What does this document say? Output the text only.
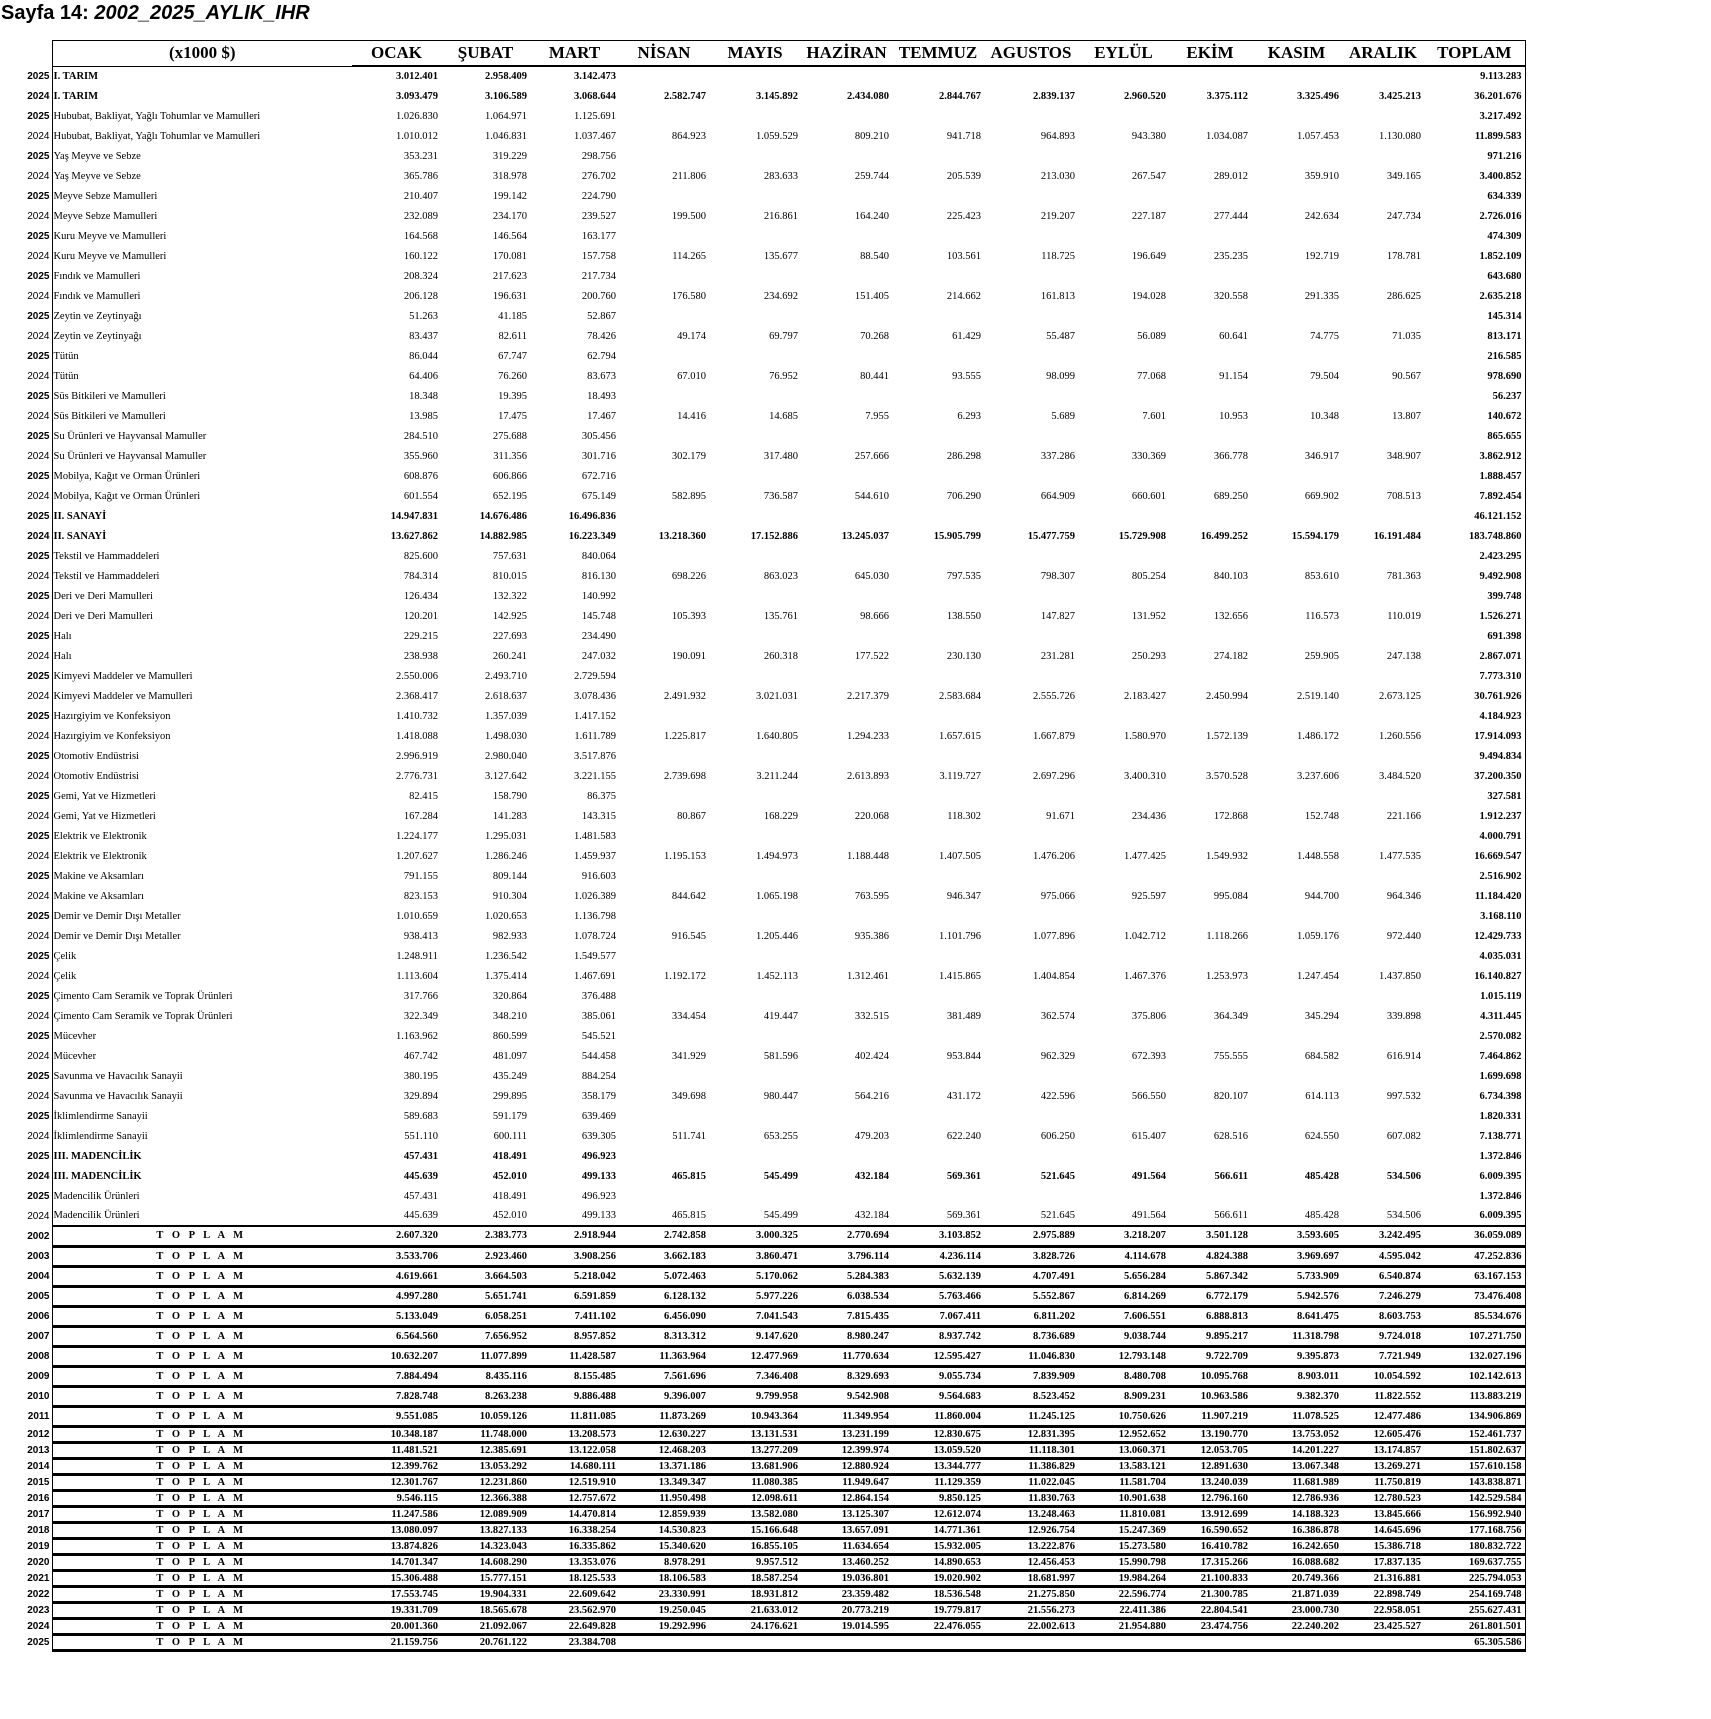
Sayfa 14: 2002_2025_AYLIK_IHR
	(x1000 $)	OCAK	ŞUBAT	MART	NİSAN	MAYIS	HAZİRAN	TEMMUZ	AGUSTOS	EYLÜL	EKİM	KASIM	ARALIK	TOPLAM
2025	I. TARIM	3.012.401	2.958.409	3.142.473										9.113.283
2024	I. TARIM	3.093.479	3.106.589	3.068.644	2.582.747	3.145.892	2.434.080	2.844.767	2.839.137	2.960.520	3.375.112	3.325.496	3.425.213	36.201.676
2025	Hububat, Bakliyat, Yağlı Tohumlar ve Mamulleri	1.026.830	1.064.971	1.125.691										3.217.492
2024	Hububat, Bakliyat, Yağlı Tohumlar ve Mamulleri	1.010.012	1.046.831	1.037.467	864.923	1.059.529	809.210	941.718	964.893	943.380	1.034.087	1.057.453	1.130.080	11.899.583
2025	Yaş Meyve ve Sebze	353.231	319.229	298.756										971.216
2024	Yaş Meyve ve Sebze	365.786	318.978	276.702	211.806	283.633	259.744	205.539	213.030	267.547	289.012	359.910	349.165	3.400.852
2025	Meyve Sebze Mamulleri	210.407	199.142	224.790										634.339
2024	Meyve Sebze Mamulleri	232.089	234.170	239.527	199.500	216.861	164.240	225.423	219.207	227.187	277.444	242.634	247.734	2.726.016
2025	Kuru Meyve ve Mamulleri	164.568	146.564	163.177										474.309
2024	Kuru Meyve ve Mamulleri	160.122	170.081	157.758	114.265	135.677	88.540	103.561	118.725	196.649	235.235	192.719	178.781	1.852.109
2025	Fındık ve Mamulleri	208.324	217.623	217.734										643.680
2024	Fındık ve Mamulleri	206.128	196.631	200.760	176.580	234.692	151.405	214.662	161.813	194.028	320.558	291.335	286.625	2.635.218
2025	Zeytin ve Zeytinyağı	51.263	41.185	52.867										145.314
2024	Zeytin ve Zeytinyağı	83.437	82.611	78.426	49.174	69.797	70.268	61.429	55.487	56.089	60.641	74.775	71.035	813.171
2025	Tütün	86.044	67.747	62.794										216.585
2024	Tütün	64.406	76.260	83.673	67.010	76.952	80.441	93.555	98.099	77.068	91.154	79.504	90.567	978.690
2025	Süs Bitkileri ve Mamulleri	18.348	19.395	18.493										56.237
2024	Süs Bitkileri ve Mamulleri	13.985	17.475	17.467	14.416	14.685	7.955	6.293	5.689	7.601	10.953	10.348	13.807	140.672
2025	Su Ürünleri ve Hayvansal Mamuller	284.510	275.688	305.456										865.655
2024	Su Ürünleri ve Hayvansal Mamuller	355.960	311.356	301.716	302.179	317.480	257.666	286.298	337.286	330.369	366.778	346.917	348.907	3.862.912
2025	Mobilya, Kağıt ve Orman Ürünleri	608.876	606.866	672.716										1.888.457
2024	Mobilya, Kağıt ve Orman Ürünleri	601.554	652.195	675.149	582.895	736.587	544.610	706.290	664.909	660.601	689.250	669.902	708.513	7.892.454
2025	II. SANAYİ	14.947.831	14.676.486	16.496.836										46.121.152
2024	II. SANAYİ	13.627.862	14.882.985	16.223.349	13.218.360	17.152.886	13.245.037	15.905.799	15.477.759	15.729.908	16.499.252	15.594.179	16.191.484	183.748.860
2025	Tekstil ve Hammaddeleri	825.600	757.631	840.064										2.423.295
2024	Tekstil ve Hammaddeleri	784.314	810.015	816.130	698.226	863.023	645.030	797.535	798.307	805.254	840.103	853.610	781.363	9.492.908
2025	Deri ve Deri Mamulleri	126.434	132.322	140.992										399.748
2024	Deri ve Deri Mamulleri	120.201	142.925	145.748	105.393	135.761	98.666	138.550	147.827	131.952	132.656	116.573	110.019	1.526.271
2025	Halı	229.215	227.693	234.490										691.398
2024	Halı	238.938	260.241	247.032	190.091	260.318	177.522	230.130	231.281	250.293	274.182	259.905	247.138	2.867.071
2025	Kimyevi Maddeler ve Mamulleri	2.550.006	2.493.710	2.729.594										7.773.310
2024	Kimyevi Maddeler ve Mamulleri	2.368.417	2.618.637	3.078.436	2.491.932	3.021.031	2.217.379	2.583.684	2.555.726	2.183.427	2.450.994	2.519.140	2.673.125	30.761.926
2025	Hazırgiyim ve Konfeksiyon	1.410.732	1.357.039	1.417.152										4.184.923
2024	Hazırgiyim ve Konfeksiyon	1.418.088	1.498.030	1.611.789	1.225.817	1.640.805	1.294.233	1.657.615	1.667.879	1.580.970	1.572.139	1.486.172	1.260.556	17.914.093
2025	Otomotiv Endüstrisi	2.996.919	2.980.040	3.517.876										9.494.834
2024	Otomotiv Endüstrisi	2.776.731	3.127.642	3.221.155	2.739.698	3.211.244	2.613.893	3.119.727	2.697.296	3.400.310	3.570.528	3.237.606	3.484.520	37.200.350
2025	Gemi, Yat ve Hizmetleri	82.415	158.790	86.375										327.581
2024	Gemi, Yat ve Hizmetleri	167.284	141.283	143.315	80.867	168.229	220.068	118.302	91.671	234.436	172.868	152.748	221.166	1.912.237
2025	Elektrik ve Elektronik	1.224.177	1.295.031	1.481.583										4.000.791
2024	Elektrik ve Elektronik	1.207.627	1.286.246	1.459.937	1.195.153	1.494.973	1.188.448	1.407.505	1.476.206	1.477.425	1.549.932	1.448.558	1.477.535	16.669.547
2025	Makine ve Aksamları	791.155	809.144	916.603										2.516.902
2024	Makine ve Aksamları	823.153	910.304	1.026.389	844.642	1.065.198	763.595	946.347	975.066	925.597	995.084	944.700	964.346	11.184.420
2025	Demir ve Demir Dışı Metaller	1.010.659	1.020.653	1.136.798										3.168.110
2024	Demir ve Demir Dışı Metaller	938.413	982.933	1.078.724	916.545	1.205.446	935.386	1.101.796	1.077.896	1.042.712	1.118.266	1.059.176	972.440	12.429.733
2025	Çelik	1.248.911	1.236.542	1.549.577										4.035.031
2024	Çelik	1.113.604	1.375.414	1.467.691	1.192.172	1.452.113	1.312.461	1.415.865	1.404.854	1.467.376	1.253.973	1.247.454	1.437.850	16.140.827
2025	Çimento Cam Seramik ve Toprak Ürünleri	317.766	320.864	376.488										1.015.119
2024	Çimento Cam Seramik ve Toprak Ürünleri	322.349	348.210	385.061	334.454	419.447	332.515	381.489	362.574	375.806	364.349	345.294	339.898	4.311.445
2025	Mücevher	1.163.962	860.599	545.521										2.570.082
2024	Mücevher	467.742	481.097	544.458	341.929	581.596	402.424	953.844	962.329	672.393	755.555	684.582	616.914	7.464.862
2025	Savunma ve Havacılık Sanayii	380.195	435.249	884.254										1.699.698
2024	Savunma ve Havacılık Sanayii	329.894	299.895	358.179	349.698	980.447	564.216	431.172	422.596	566.550	820.107	614.113	997.532	6.734.398
2025	İklimlendirme Sanayii	589.683	591.179	639.469										1.820.331
2024	İklimlendirme Sanayii	551.110	600.111	639.305	511.741	653.255	479.203	622.240	606.250	615.407	628.516	624.550	607.082	7.138.771
2025	III. MADENCİLİK	457.431	418.491	496.923										1.372.846
2024	III. MADENCİLİK	445.639	452.010	499.133	465.815	545.499	432.184	569.361	521.645	491.564	566.611	485.428	534.506	6.009.395
2025	Madencilik Ürünleri	457.431	418.491	496.923										1.372.846
2024	Madencilik Ürünleri	445.639	452.010	499.133	465.815	545.499	432.184	569.361	521.645	491.564	566.611	485.428	534.506	6.009.395
2002	T O P L A M	2.607.320	2.383.773	2.918.944	2.742.858	3.000.325	2.770.694	3.103.852	2.975.889	3.218.207	3.501.128	3.593.605	3.242.495	36.059.089
2003	T O P L A M	3.533.706	2.923.460	3.908.256	3.662.183	3.860.471	3.796.114	4.236.114	3.828.726	4.114.678	4.824.388	3.969.697	4.595.042	47.252.836
2004	T O P L A M	4.619.661	3.664.503	5.218.042	5.072.463	5.170.062	5.284.383	5.632.139	4.707.491	5.656.284	5.867.342	5.733.909	6.540.874	63.167.153
2005	T O P L A M	4.997.280	5.651.741	6.591.859	6.128.132	5.977.226	6.038.534	5.763.466	5.552.867	6.814.269	6.772.179	5.942.576	7.246.279	73.476.408
2006	T O P L A M	5.133.049	6.058.251	7.411.102	6.456.090	7.041.543	7.815.435	7.067.411	6.811.202	7.606.551	6.888.813	8.641.475	8.603.753	85.534.676
2007	T O P L A M	6.564.560	7.656.952	8.957.852	8.313.312	9.147.620	8.980.247	8.937.742	8.736.689	9.038.744	9.895.217	11.318.798	9.724.018	107.271.750
2008	T O P L A M	10.632.207	11.077.899	11.428.587	11.363.964	12.477.969	11.770.634	12.595.427	11.046.830	12.793.148	9.722.709	9.395.873	7.721.949	132.027.196
2009	T O P L A M	7.884.494	8.435.116	8.155.485	7.561.696	7.346.408	8.329.693	9.055.734	7.839.909	8.480.708	10.095.768	8.903.011	10.054.592	102.142.613
2010	T O P L A M	7.828.748	8.263.238	9.886.488	9.396.007	9.799.958	9.542.908	9.564.683	8.523.452	8.909.231	10.963.586	9.382.370	11.822.552	113.883.219
2011	T O P L A M	9.551.085	10.059.126	11.811.085	11.873.269	10.943.364	11.349.954	11.860.004	11.245.125	10.750.626	11.907.219	11.078.525	12.477.486	134.906.869
2012	T O P L A M	10.348.187	11.748.000	13.208.573	12.630.227	13.131.531	13.231.199	12.830.675	12.831.395	12.952.652	13.190.770	13.753.052	12.605.476	152.461.737
2013	T O P L A M	11.481.521	12.385.691	13.122.058	12.468.203	13.277.209	12.399.974	13.059.520	11.118.301	13.060.371	12.053.705	14.201.227	13.174.857	151.802.637
2014	T O P L A M	12.399.762	13.053.292	14.680.111	13.371.186	13.681.906	12.880.924	13.344.777	11.386.829	13.583.121	12.891.630	13.067.348	13.269.271	157.610.158
2015	T O P L A M	12.301.767	12.231.860	12.519.910	13.349.347	11.080.385	11.949.647	11.129.359	11.022.045	11.581.704	13.240.039	11.681.989	11.750.819	143.838.871
2016	T O P L A M	9.546.115	12.366.388	12.757.672	11.950.498	12.098.611	12.864.154	9.850.125	11.830.763	10.901.638	12.796.160	12.786.936	12.780.523	142.529.584
2017	T O P L A M	11.247.586	12.089.909	14.470.814	12.859.939	13.582.080	13.125.307	12.612.074	13.248.463	11.810.081	13.912.699	14.188.323	13.845.666	156.992.940
2018	T O P L A M	13.080.097	13.827.133	16.338.254	14.530.823	15.166.648	13.657.091	14.771.361	12.926.754	15.247.369	16.590.652	16.386.878	14.645.696	177.168.756
2019	T O P L A M	13.874.826	14.323.043	16.335.862	15.340.620	16.855.105	11.634.654	15.932.005	13.222.876	15.273.580	16.410.782	16.242.650	15.386.718	180.832.722
2020	T O P L A M	14.701.347	14.608.290	13.353.076	8.978.291	9.957.512	13.460.252	14.890.653	12.456.453	15.990.798	17.315.266	16.088.682	17.837.135	169.637.755
2021	T O P L A M	15.306.488	15.777.151	18.125.533	18.106.583	18.587.254	19.036.801	19.020.902	18.681.997	19.984.264	21.100.833	20.749.366	21.316.881	225.794.053
2022	T O P L A M	17.553.745	19.904.331	22.609.642	23.330.991	18.931.812	23.359.482	18.536.548	21.275.850	22.596.774	21.300.785	21.871.039	22.898.749	254.169.748
2023	T O P L A M	19.331.709	18.565.678	23.562.970	19.250.045	21.633.012	20.773.219	19.779.817	21.556.273	22.411.386	22.804.541	23.000.730	22.958.051	255.627.431
2024	T O P L A M	20.001.360	21.092.067	22.649.828	19.292.996	24.176.621	19.014.595	22.476.055	22.002.613	21.954.880	23.474.756	22.240.202	23.425.527	261.801.501
2025	T O P L A M	21.159.756	20.761.122	23.384.708										65.305.586
